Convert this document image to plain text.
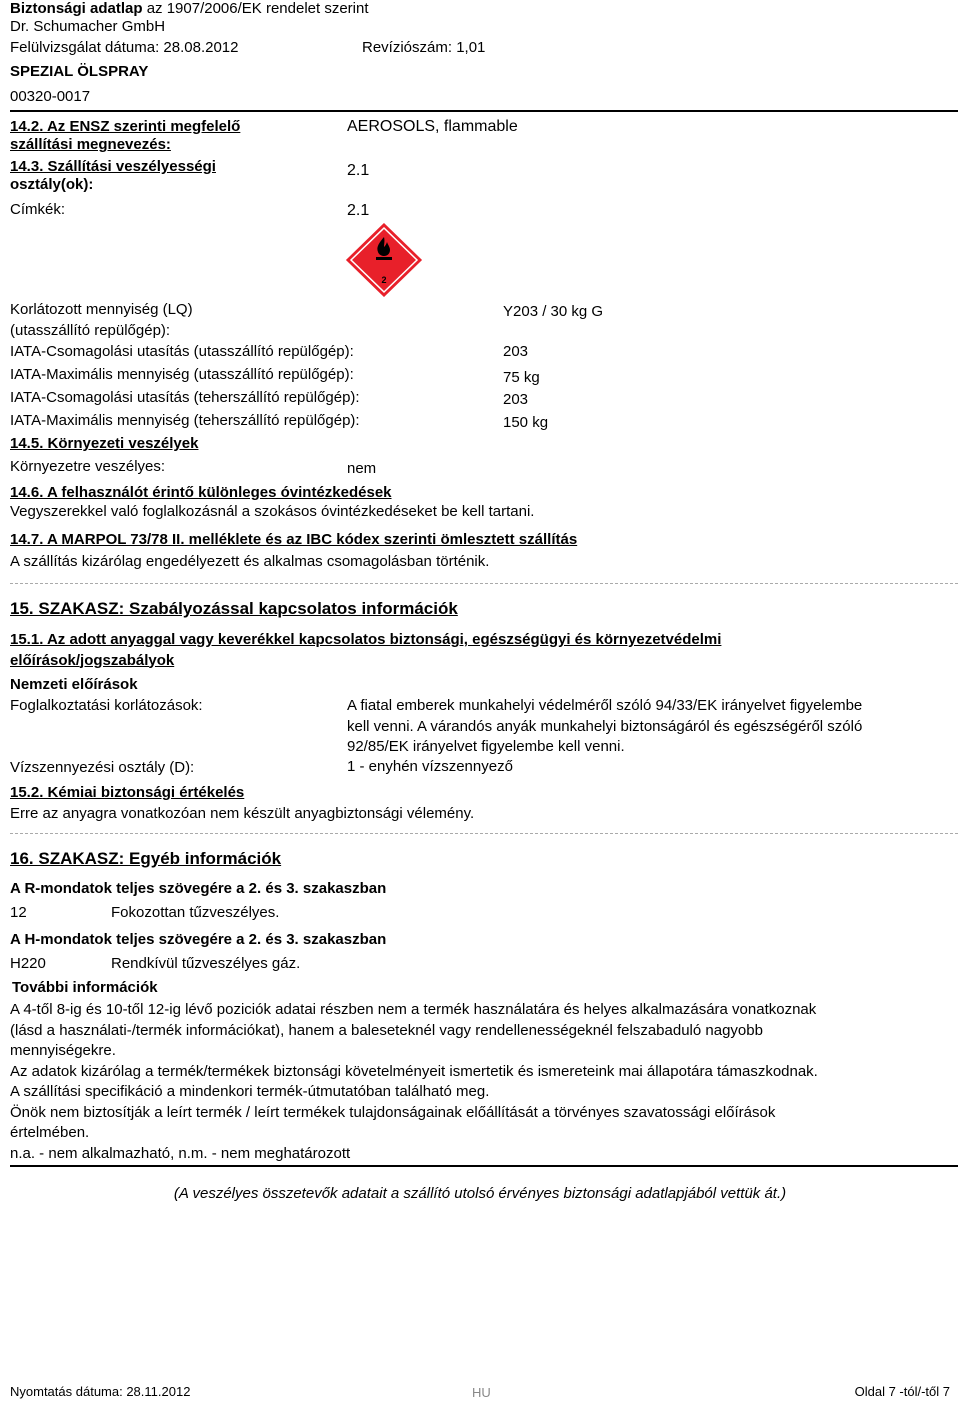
Biztonsági adatlap az 1907/2006/EK rendelet szerint
Dr. Schumacher GmbH
Felülvizsgálat dátuma: 28.08.2012	Revíziószám: 1,01
SPEZIAL ÖLSPRAY
00320-0017
14.2. Az ENSZ szerinti megfelelő
szállítási megnevezés:
AEROSOLS, flammable
14.3. Szállítási veszélyességi
osztály(ok):
2.1
Címkék:	2.1
2
Korlátozott mennyiség (LQ)
(utasszállító repülőgép):
Y203 / 30 kg G
IATA-Csomagolási utasítás (utasszállító repülőgép):	203
IATA-Maximális mennyiség (utasszállító repülőgép):	75 kg
IATA-Csomagolási utasítás (teherszállító repülőgép):	203
IATA-Maximális mennyiség (teherszállító repülőgép):	150 kg
14.5. Környezeti veszélyek
Környezetre veszélyes:	nem
14.6. A felhasználót érintő különleges óvintézkedések
Vegyszerekkel való foglalkozásnál a szokásos óvintézkedéseket be kell tartani.
14.7. A MARPOL 73/78 II. melléklete és az IBC kódex szerinti ömlesztett szállítás
A szállítás kizárólag engedélyezett és alkalmas csomagolásban történik.
15. SZAKASZ: Szabályozással kapcsolatos információk
15.1. Az adott anyaggal vagy keverékkel kapcsolatos biztonsági, egészségügyi és környezetvédelmi
előírások/jogszabályok
Nemzeti előírások
Foglalkoztatási korlátozások:	A fiatal emberek munkahelyi védelméről szóló 94/33/EK irányelvet figyelembe
kell venni. A várandós anyák munkahelyi biztonságáról és egészségéről szóló
92/85/EK irányelvet figyelembe kell venni.
Vízszennyezési osztály (D):	1 - enyhén vízszennyező
15.2. Kémiai biztonsági értékelés
Erre az anyagra vonatkozóan nem készült anyagbiztonsági vélemény.
16. SZAKASZ: Egyéb információk
A R-mondatok teljes szövegére a 2. és 3. szakaszban
12	Fokozottan tűzveszélyes.
A H-mondatok teljes szövegére a 2. és 3. szakaszban
H220	Rendkívül tűzveszélyes gáz.
További információk
A 4-től 8-ig és 10-től 12-ig lévő poziciók adatai részben nem a termék használatára és helyes alkalmazására vonatkoznak
(lásd a használati-/termék információkat), hanem a baleseteknél vagy rendellenességeknél felszabaduló nagyobb
mennyiségekre.
Az adatok kizárólag a termék/termékek biztonsági követelményeit ismertetik és ismereteink mai állapotára támaszkodnak.
A szállítási specifikáció a mindenkori termék-útmutatóban található meg.
Önök nem biztosítják a leírt termék / leírt termékek tulajdonságainak előállítását a törvényes szavatossági előírások
értelmében.
n.a. - nem alkalmazható, n.m. - nem meghatározott
(A veszélyes összetevők adatait a szállító utolsó érvényes biztonsági adatlapjából vettük át.)
Nyomtatás dátuma: 28.11.2012	HU	Oldal 7 -tól/-től 7
